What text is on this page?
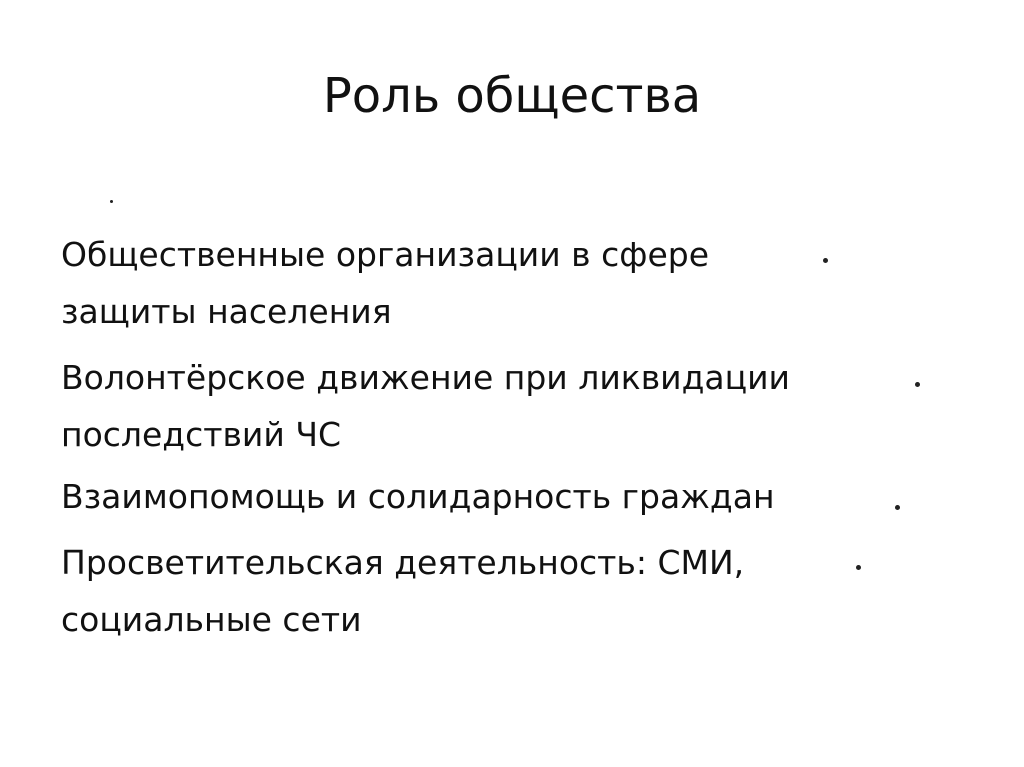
Роль общества
Общественные организации в сфере
защиты населения
Волонтёрское движение при ликвидации
последствий ЧС
Взаимопомощь и солидарность граждан
Просветительская деятельность: СМИ,
социальные сети
